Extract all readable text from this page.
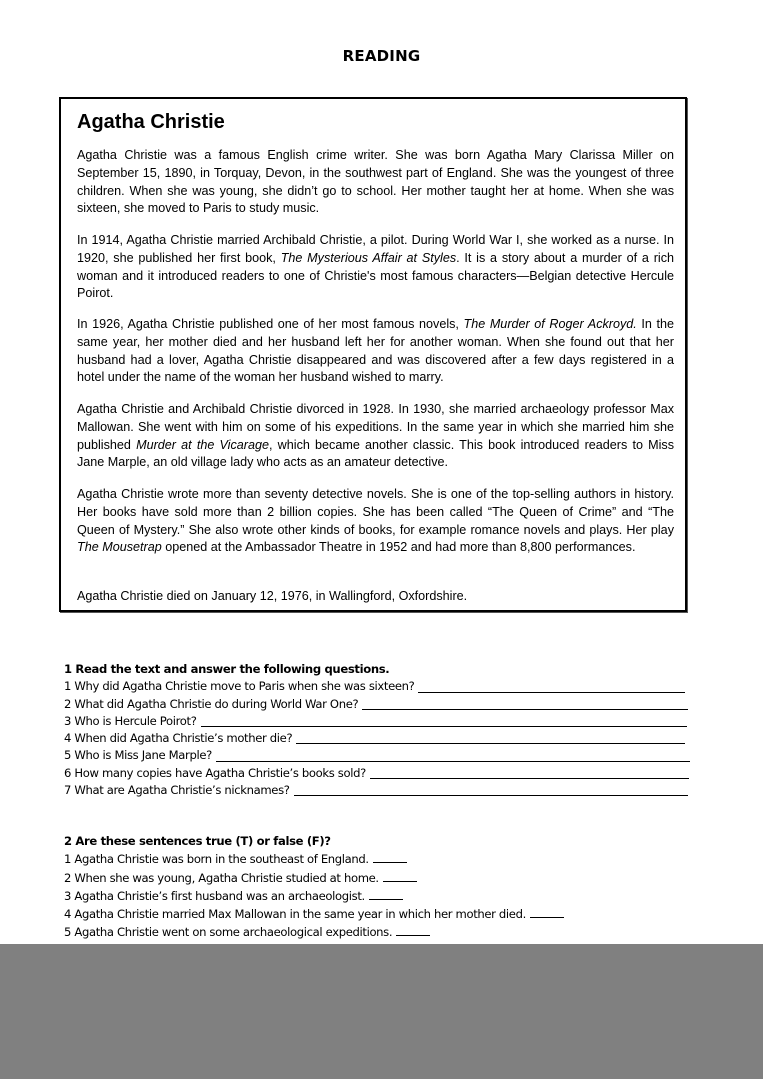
READING
Agatha Christie
Agatha Christie was a famous English crime writer. She was born Agatha Mary Clarissa Miller on September 15, 1890, in Torquay, Devon, in the southwest part of England. She was the youngest of three children. When she was young, she didn’t go to school. Her mother taught her at home. When she was sixteen, she moved to Paris to study music.
In 1914, Agatha Christie married Archibald Christie, a pilot. During World War I, she worked as a nurse. In 1920, she published her first book, The Mysterious Affair at Styles. It is a story about a murder of a rich woman and it introduced readers to one of Christie's most famous characters—Belgian detective Hercule Poirot.
In 1926, Agatha Christie published one of her most famous novels, The Murder of Roger Ackroyd. In the same year, her mother died and her husband left her for another woman. When she found out that her husband had a lover, Agatha Christie disappeared and was discovered after a few days registered in a hotel under the name of the woman her husband wished to marry.
Agatha Christie and Archibald Christie divorced in 1928. In 1930, she married archaeology professor Max Mallowan. She went with him on some of his expeditions. In the same year in which she married him she published Murder at the Vicarage, which became another classic. This book introduced readers to Miss Jane Marple, an old village lady who acts as an amateur detective.
Agatha Christie wrote more than seventy detective novels. She is one of the top-selling authors in history. Her books have sold more than 2 billion copies. She has been called “The Queen of Crime” and “The Queen of Mystery.” She also wrote other kinds of books, for example romance novels and plays. Her play The Mousetrap opened at the Ambassador Theatre in 1952 and had more than 8,800 performances.
Agatha Christie died on January 12, 1976, in Wallingford, Oxfordshire.
1 Read the text and answer the following questions.
1 Why did Agatha Christie move to Paris when she was sixteen?
2 What did Agatha Christie do during World War One?
3 Who is Hercule Poirot?
4 When did Agatha Christie’s mother die?
5 Who is Miss Jane Marple?
6 How many copies have Agatha Christie’s books sold?
7 What are Agatha Christie’s nicknames?
2 Are these sentences true (T) or false (F)?
1 Agatha Christie was born in the southeast of England.
2 When she was young, Agatha Christie studied at home.
3 Agatha Christie’s first husband was an archaeologist.
4 Agatha Christie married Max Mallowan in the same year in which her mother died.
5 Agatha Christie went on some archaeological expeditions.
